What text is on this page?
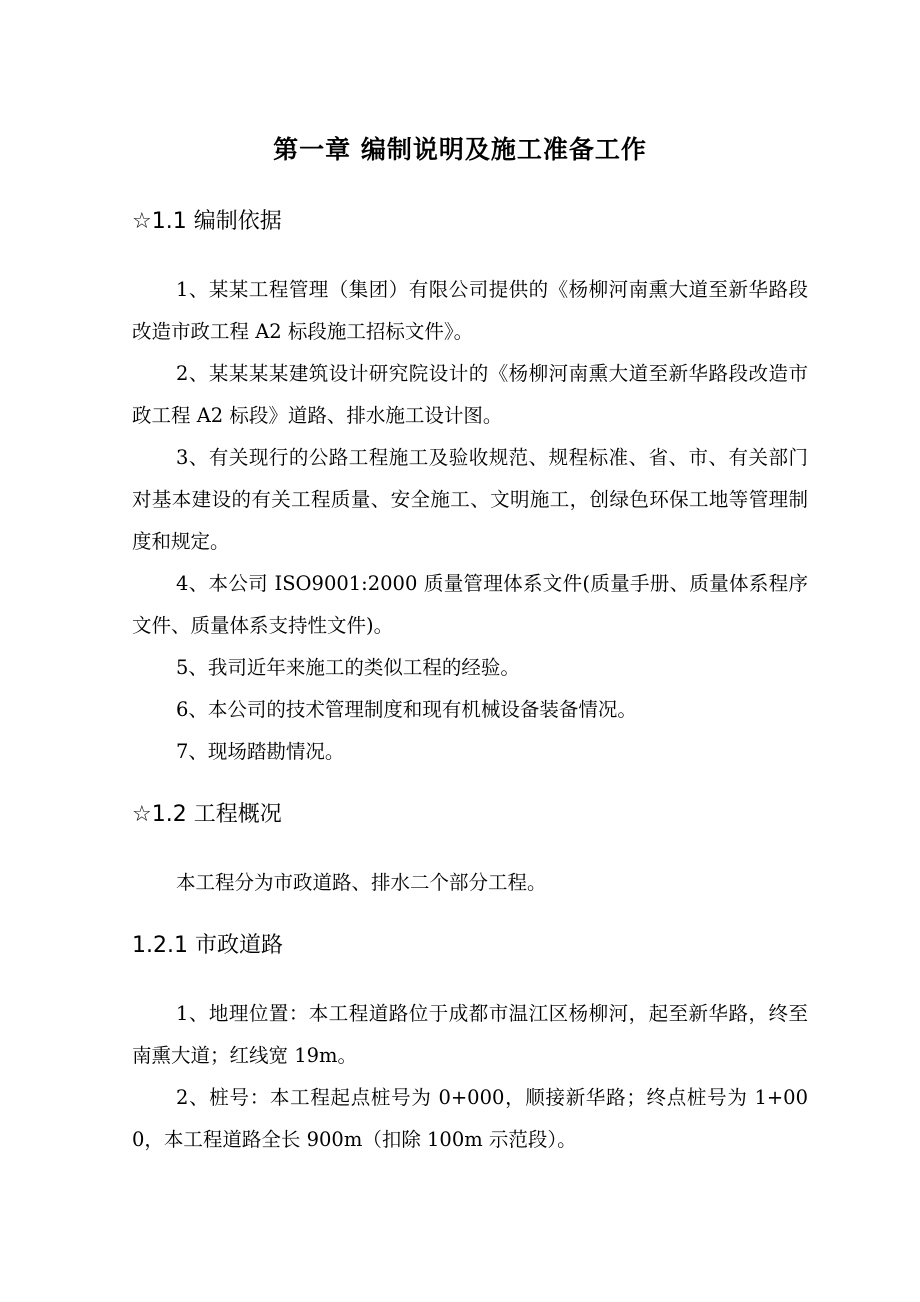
第一章 编制说明及施工准备工作
☆1.1 编制依据
1、某某工程管理（集团）有限公司提供的《杨柳河南熏大道至新华路段改造市政工程 A2 标段施工招标文件》。
2、某某某某建筑设计研究院设计的《杨柳河南熏大道至新华路段改造市政工程 A2 标段》道路、排水施工设计图。
3、有关现行的公路工程施工及验收规范、规程标准、省、市、有关部门对基本建设的有关工程质量、安全施工、文明施工，创绿色环保工地等管理制度和规定。
4、本公司 ISO9001:2000 质量管理体系文件(质量手册、质量体系程序文件、质量体系支持性文件)。
5、我司近年来施工的类似工程的经验。
6、本公司的技术管理制度和现有机械设备装备情况。
7、现场踏勘情况。
☆1.2 工程概况
本工程分为市政道路、排水二个部分工程。
1.2.1 市政道路
1、地理位置：本工程道路位于成都市温江区杨柳河，起至新华路，终至南熏大道；红线宽 19m。
2、桩号：本工程起点桩号为 0+000，顺接新华路；终点桩号为 1+000，本工程道路全长 900m（扣除 100m 示范段）。
